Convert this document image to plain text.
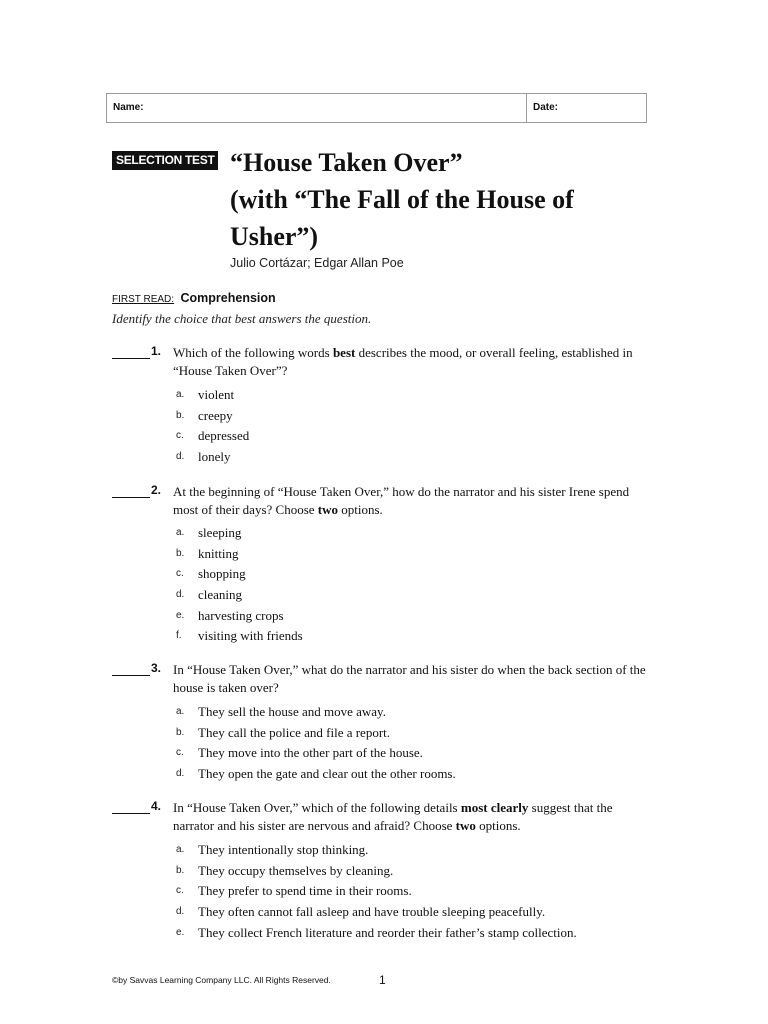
Name:	Date:
SELECTION TEST “House Taken Over”
(with “The Fall of the House of
Usher”)
Julio Cortázar; Edgar Allan Poe
FIRST READ: Comprehension
Identify the choice that best answers the question.
1. Which of the following words best describes the mood, or overall feeling, established in “House Taken Over”?
a. violent
b. creepy
c. depressed
d. lonely
2. At the beginning of “House Taken Over,” how do the narrator and his sister Irene spend most of their days? Choose two options.
a. sleeping
b. knitting
c. shopping
d. cleaning
e. harvesting crops
f. visiting with friends
3. In “House Taken Over,” what do the narrator and his sister do when the back section of the house is taken over?
a. They sell the house and move away.
b. They call the police and file a report.
c. They move into the other part of the house.
d. They open the gate and clear out the other rooms.
4. In “House Taken Over,” which of the following details most clearly suggest that the narrator and his sister are nervous and afraid? Choose two options.
a. They intentionally stop thinking.
b. They occupy themselves by cleaning.
c. They prefer to spend time in their rooms.
d. They often cannot fall asleep and have trouble sleeping peacefully.
e. They collect French literature and reorder their father’s stamp collection.
©by Savvas Learning Company LLC. All Rights Reserved.	1
